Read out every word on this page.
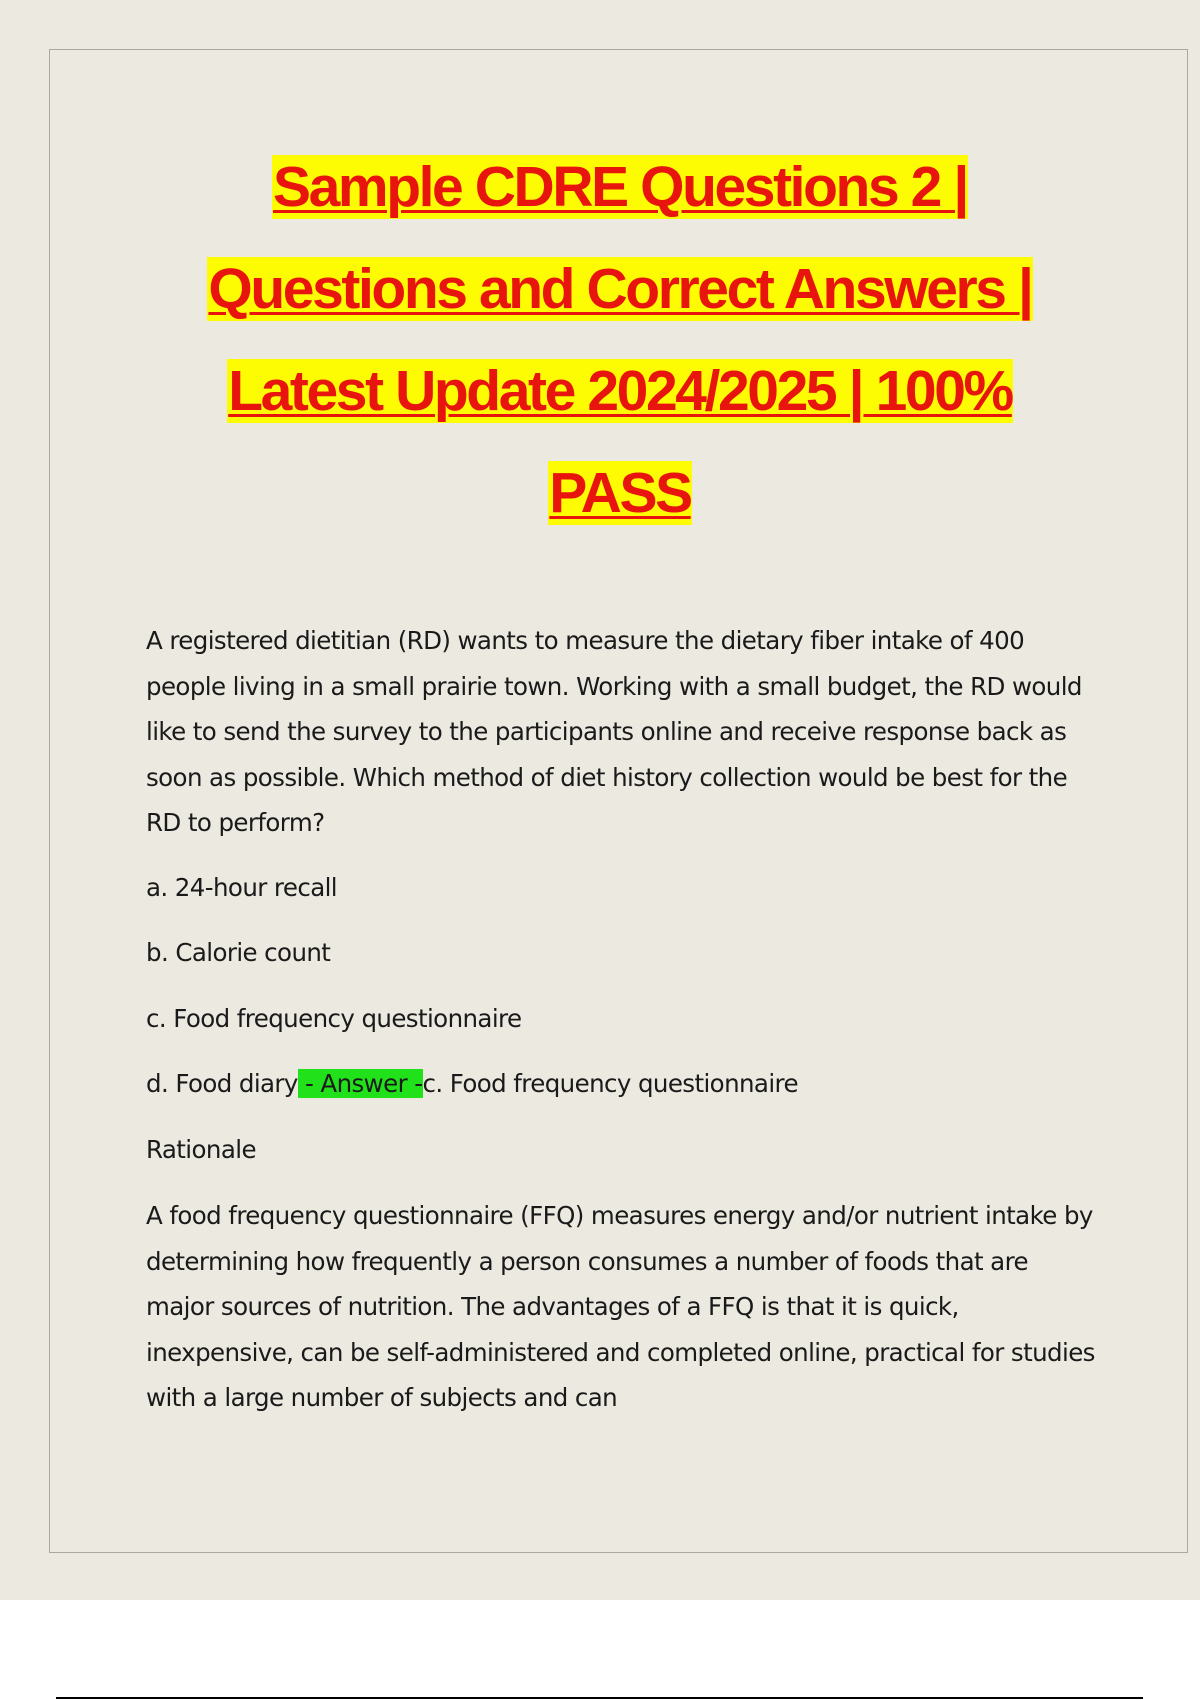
Sample CDRE Questions 2 |
Questions and Correct Answers |
Latest Update 2024/2025 | 100%
PASS

A registered dietitian (RD) wants to measure the dietary fiber intake of 400 people living in a small prairie town. Working with a small budget, the RD would like to send the survey to the participants online and receive response back as soon as possible. Which method of diet history collection would be best for the RD to perform?

a. 24-hour recall

b. Calorie count

c. Food frequency questionnaire

d. Food diary - Answer -c. Food frequency questionnaire

Rationale

A food frequency questionnaire (FFQ) measures energy and/or nutrient intake by determining how frequently a person consumes a number of foods that are major sources of nutrition. The advantages of a FFQ is that it is quick, inexpensive, can be self-administered and completed online, practical for studies with a large number of subjects and can
